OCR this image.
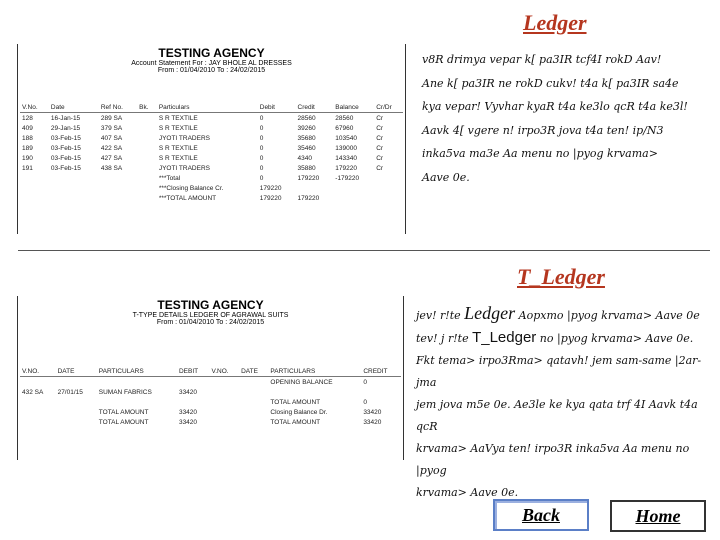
Ledger
TESTING AGENCY
Account Statement For : JAY BHOLE AL DRESSES
From : 01/04/2010 To : 24/02/2015
V.No.	Date	Ref No.	Bk.	Particulars	Debit	Credit	Balance	Cr/Dr
128	16-Jan-15	289 SA		S R TEXTILE	0	28560	28560	Cr
409	29-Jan-15	379 SA		S R TEXTILE	0	39260	67960	Cr
188	03-Feb-15	407 SA		JYOTI TRADERS	0	35680	103540	Cr
189	03-Feb-15	422 SA		S R TEXTILE	0	35460	139000	Cr
190	03-Feb-15	427 SA		S R TEXTILE	0	4340	143340	Cr
191	03-Feb-15	438 SA		JYOTI TRADERS	0	35880	179220	Cr
				***Total	0	179220	-179220	
				***Closing Balance Cr.	179220			
				***TOTAL AMOUNT	179220	179220		
v8R drimya vepar k[ pa3IR tcf4I rokD Aav!
Ane k[ pa3IR ne rokD cukv! t4a k[ pa3IR sa4e
kya vepar! Vyvhar kyaR t4a ke3lo qcR t4a ke3l!
Aavk 4[ vgere n! irpo3R jova t4a ten! ip/N3
inka5va ma3e Aa menu no |pyog krvama>
Aave 0e.
T_Ledger
TESTING AGENCY
T-TYPE DETAILS LEDGER OF AGRAWAL SUITS
From : 01/04/2010 To : 24/02/2015
V.NO.	DATE	PARTICULARS	DEBIT	V.NO.	DATE	PARTICULARS	CREDIT
						OPENING BALANCE	0
432 SA	27/01/15	SUMAN FABRICS	33420				
						TOTAL AMOUNT	0
		TOTAL AMOUNT	33420			Closing Balance Dr.	33420
		TOTAL AMOUNT	33420			TOTAL AMOUNT	33420
jev! r!te Ledger Aopxmo |pyog krvama> Aave 0e
tev! j r!te T_Ledger no |pyog krvama> Aave 0e.
Fkt tema> irpo3Rma> qatavh! jem sam-same |2ar-jma
jem jova m5e 0e. Ae3le ke kya qata trf 4I Aavk t4a qcR
krvama> AaVya ten! irpo3R inka5va Aa menu no |pyog
krvama> Aave 0e.
Back	Home
